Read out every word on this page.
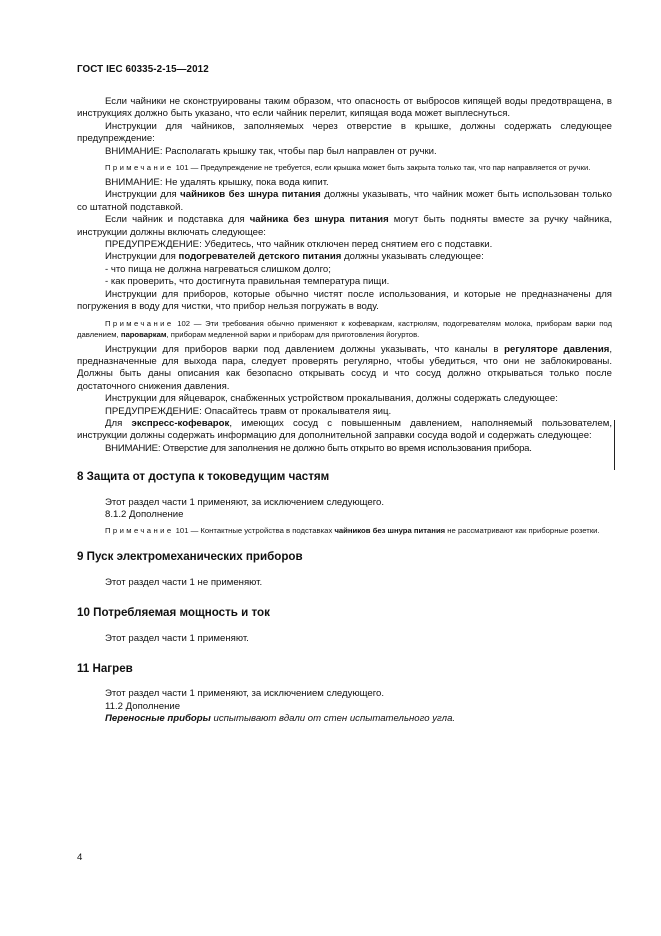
ГОСТ IEC 60335-2-15—2012

Если чайники не сконструированы таким образом, что опасность от выбросов кипящей воды предотвращена, в инструкциях должно быть указано, что если чайник перелит, кипящая вода может выплеснуться.

Инструкции для чайников, заполняемых через отверстие в крышке, должны содержать следующее предупреждение:

ВНИМАНИЕ: Располагать крышку так, чтобы пар был направлен от ручки.

Примечание 101 — Предупреждение не требуется, если крышка может быть закрыта только так, что пар направляется от ручки.

ВНИМАНИЕ: Не удалять крышку, пока вода кипит.

Инструкции для чайников без шнура питания должны указывать, что чайник может быть использован только со штатной подставкой.

Если чайник и подставка для чайника без шнура питания могут быть подняты вместе за ручку чайника, инструкции должны включать следующее:

ПРЕДУПРЕЖДЕНИЕ: Убедитесь, что чайник отключен перед снятием его с подставки.

Инструкции для подогревателей детского питания должны указывать следующее:

- что пища не должна нагреваться слишком долго;

- как проверить, что достигнута правильная температура пищи.

Инструкции для приборов, которые обычно чистят после использования, и которые не предназначены для погружения в воду для чистки, что прибор нельзя погружать в воду.

Примечание 102 — Эти требования обычно применяют к кофеваркам, кастрюлям, подогревателям молока, приборам варки под давлением, пароваркам, приборам медленной варки и приборам для приготовления йогуртов.

Инструкции для приборов варки под давлением должны указывать, что каналы в регуляторе давления, предназначенные для выхода пара, следует проверять регулярно, чтобы убедиться, что они не заблокированы. Должны быть даны описания как безопасно открывать сосуд и что сосуд должно открываться только после достаточного снижения давления.

Инструкции для яйцеварок, снабженных устройством прокалывания, должны содержать следующее:

ПРЕДУПРЕЖДЕНИЕ: Опасайтесь травм от прокалывателя яиц.

Для экспресс-кофеварок, имеющих сосуд с повышенным давлением, наполняемый пользователем, инструкции должны содержать информацию для дополнительной заправки сосуда водой и содержать следующее:

ВНИМАНИЕ: Отверстие для заполнения не должно быть открыто во время использования прибора.

8 Защита от доступа к токоведущим частям

Этот раздел части 1 применяют, за исключением следующего.

8.1.2 Дополнение

Примечание 101 — Контактные устройства в подставках чайников без шнура питания не рассматривают как приборные розетки.

9 Пуск электромеханических приборов

Этот раздел части 1 не применяют.

10 Потребляемая мощность и ток

Этот раздел части 1 применяют.

11 Нагрев

Этот раздел части 1 применяют, за исключением следующего.

11.2 Дополнение

Переносные приборы испытывают вдали от стен испытательного угла.

4
